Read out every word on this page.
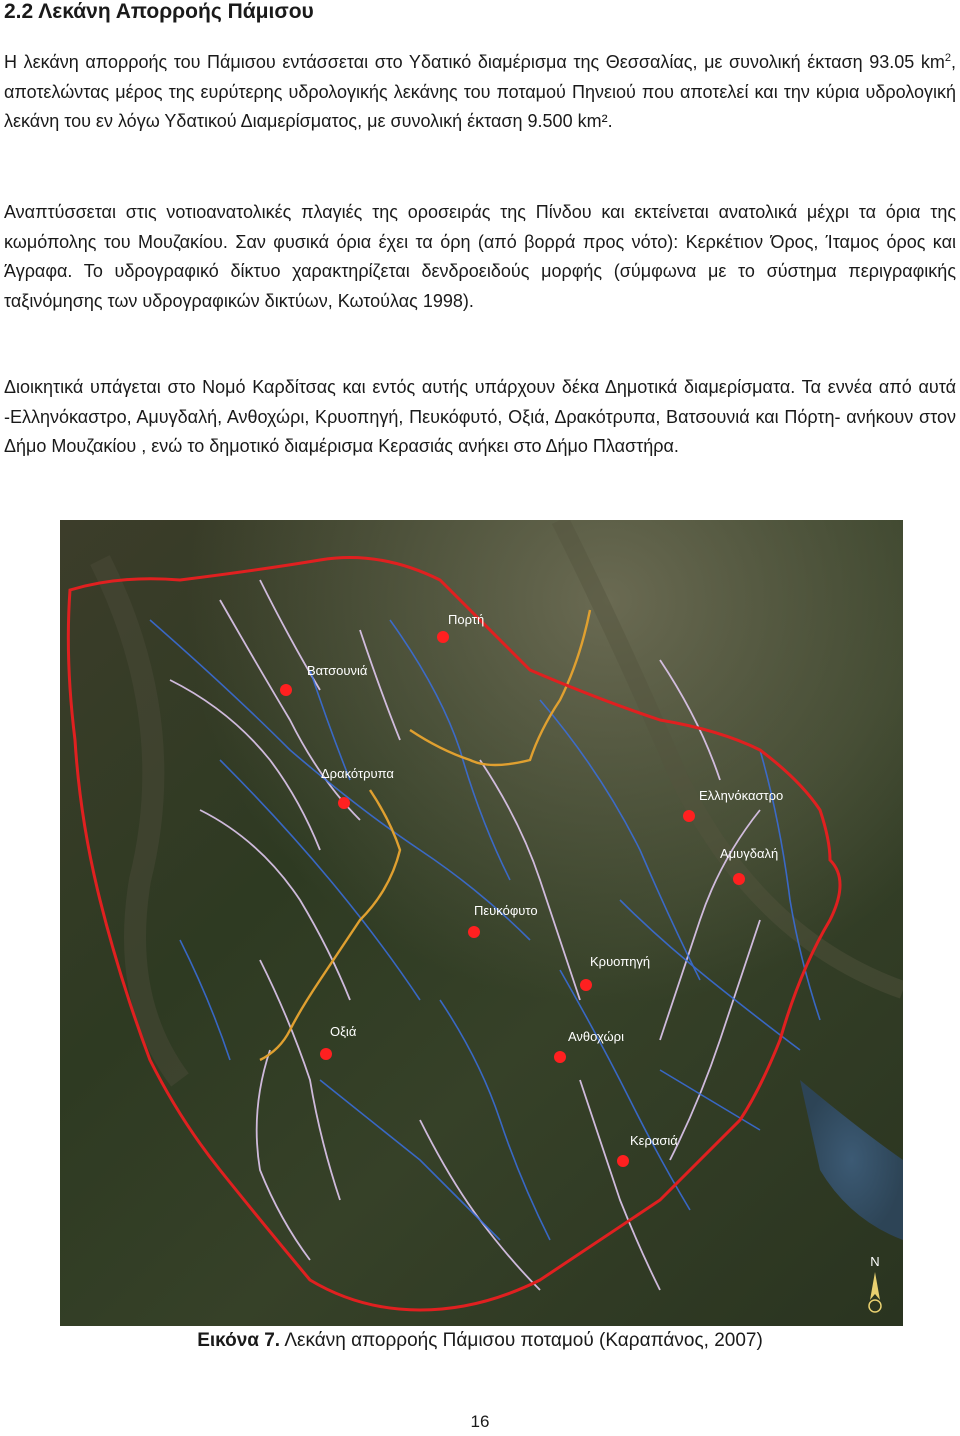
2.2 Λεκάνη Απορροής Πάμισου

Η λεκάνη απορροής του Πάμισου εντάσσεται στο Υδατικό διαμέρισμα της Θεσσαλίας, με συνολική έκταση 93.05 $km^2$, αποτελώντας μέρος της ευρύτερης υδρολογικής λεκάνης του ποταμού Πηνειού που αποτελεί και την κύρια υδρολογική λεκάνη του εν λόγω Υδατικού Διαμερίσματος, με συνολική έκταση 9.500 km².

Αναπτύσσεται στις νοτιοανατολικές πλαγιές της οροσειράς της Πίνδου και εκτείνεται ανατολικά μέχρι τα όρια της κωμόπολης του Μουζακίου. Σαν φυσικά όρια έχει τα όρη (από βορρά προς νότο): Κερκέτιον Όρος, Ίταμος όρος και Άγραφα. Το υδρογραφικό δίκτυο χαρακτηρίζεται δενδροειδούς μορφής (σύμφωνα με το σύστημα περιγραφικής ταξινόμησης των υδρογραφικών δικτύων, Κωτούλας 1998).

Διοικητικά υπάγεται στο Νομό Καρδίτσας και εντός αυτής υπάρχουν δέκα Δημοτικά διαμερίσματα. Τα εννέα από αυτά -Ελληνόκαστρο, Αμυγδαλή, Ανθοχώρι, Κρυοπηγή, Πευκόφυτό, Οξιά, Δρακότρυπα, Βατσουνιά και Πόρτη- ανήκουν στον Δήμο Μουζακίου , ενώ το δημοτικό διαμέρισμα Κερασιάς ανήκει στο Δήμο Πλαστήρα.

Πορτή
Βατσουνιά
Δρακότρυπα
Ελληνόκαστρο
Αμυγδαλή
Πευκόφυτο
Κρυοπηγή
Οξιά	Ανθοχώρι
Κερασιά
N

Εικόνα 7. Λεκάνη απορροής Πάμισου ποταμού (Καραπάνος, 2007)

16
